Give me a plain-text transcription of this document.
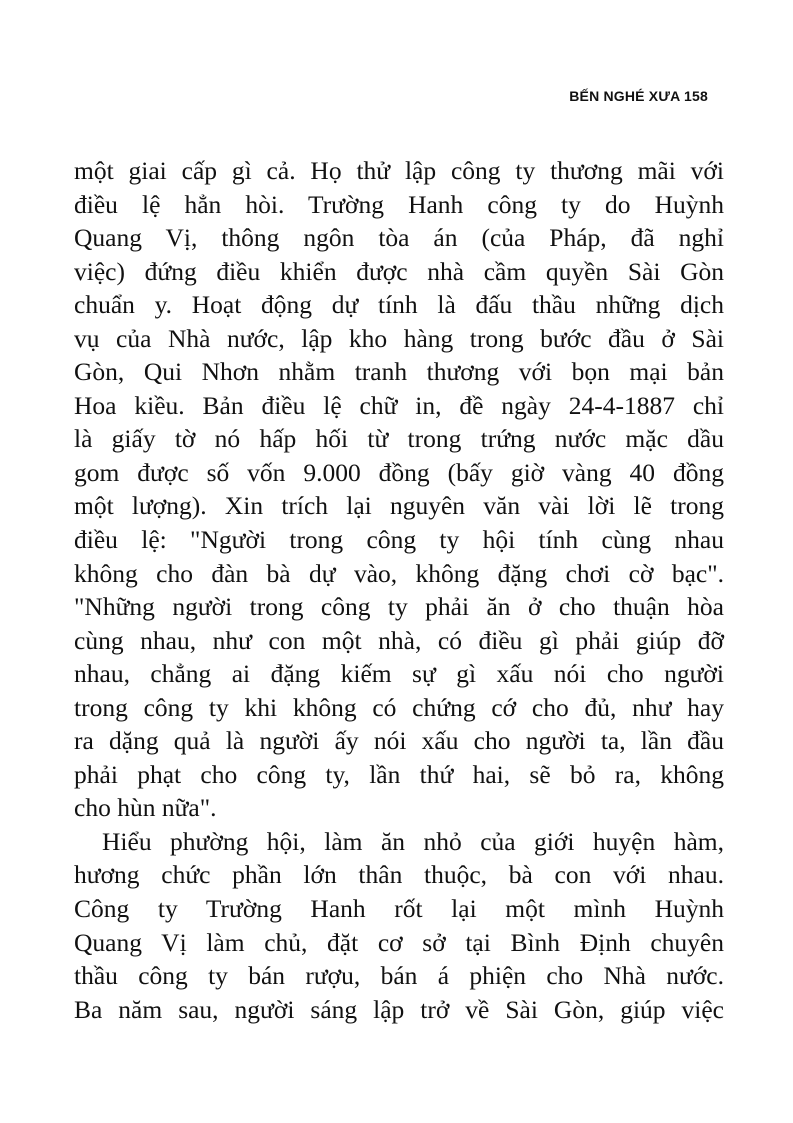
BẾN NGHÉ XƯA 158
một giai cấp gì cả. Họ thử lập công ty thương mãi với
điều lệ hẳn hòi. Trường Hanh công ty do Huỳnh
Quang Vị, thông ngôn tòa án (của Pháp, đã nghỉ
việc) đứng điều khiển được nhà cầm quyền Sài Gòn
chuẩn y. Hoạt động dự tính là đấu thầu những dịch
vụ của Nhà nước, lập kho hàng trong bước đầu ở Sài
Gòn, Qui Nhơn nhằm tranh thương với bọn mại bản
Hoa kiều. Bản điều lệ chữ in, đề ngày 24-4-1887 chỉ
là giấy tờ nó hấp hối từ trong trứng nước mặc dầu
gom được số vốn 9.000 đồng (bấy giờ vàng 40 đồng
một lượng). Xin trích lại nguyên văn vài lời lẽ trong
điều lệ: "Người trong công ty hội tính cùng nhau
không cho đàn bà dự vào, không đặng chơi cờ bạc".
"Những người trong công ty phải ăn ở cho thuận hòa
cùng nhau, như con một nhà, có điều gì phải giúp đỡ
nhau, chẳng ai đặng kiếm sự gì xấu nói cho người
trong công ty khi không có chứng cớ cho đủ, như hay
ra dặng quả là người ấy nói xấu cho người ta, lần đầu
phải phạt cho công ty, lần thứ hai, sẽ bỏ ra, không
cho hùn nữa".
Hiểu phường hội, làm ăn nhỏ của giới huyện hàm,
hương chức phần lớn thân thuộc, bà con với nhau.
Công ty Trường Hanh rốt lại một mình Huỳnh
Quang Vị làm chủ, đặt cơ sở tại Bình Định chuyên
thầu công ty bán rượu, bán á phiện cho Nhà nước.
Ba năm sau, người sáng lập trở về Sài Gòn, giúp việc
